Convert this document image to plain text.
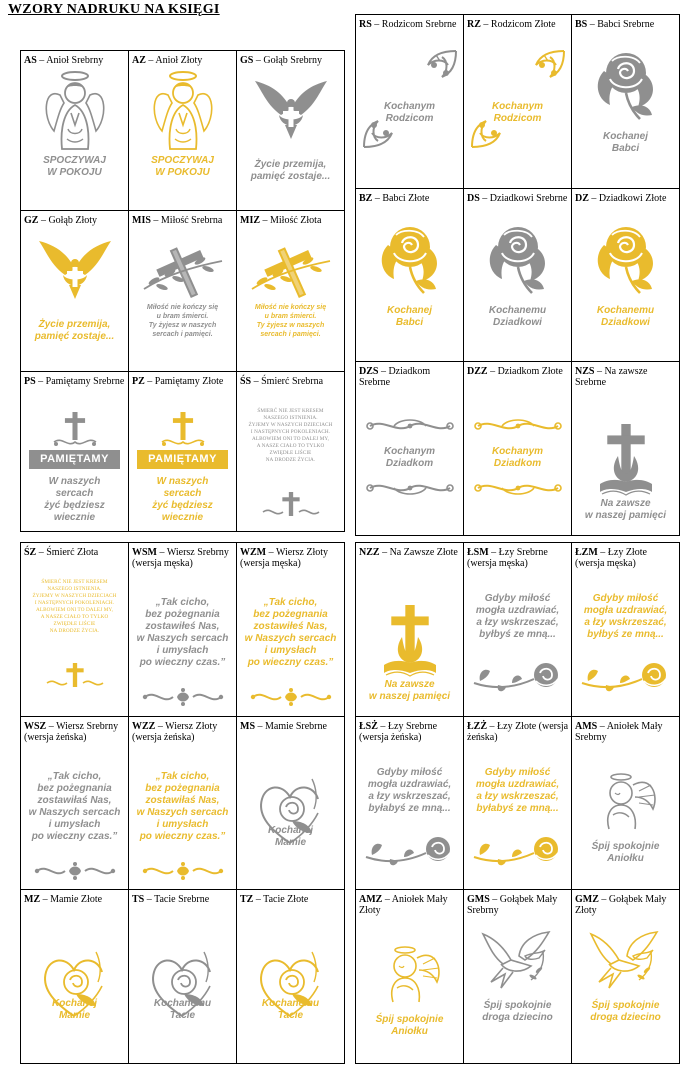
WZORY NADRUKU NA KSIĘGI
AS – Anioł Srebrny
SPOCZYWAJ
W POKOJU
AZ – Anioł Złoty
SPOCZYWAJ
W POKOJU
GS – Gołąb Srebrny
Życie przemija,
pamięć zostaje...
GZ – Gołąb Złoty
Życie przemija,
pamięć zostaje...
MIS – Miłość Srebrna
Miłość nie kończy się
u bram śmierci.
Ty żyjesz w naszych
sercach i pamięci.
MIZ – Miłość Złota
Miłość nie kończy się
u bram śmierci.
Ty żyjesz w naszych
sercach i pamięci.
PS – Pamiętamy Srebrne
PAMIĘTAMY
W naszych
sercach
żyć będziesz
wiecznie
PZ – Pamiętamy Złote
PAMIĘTAMY
W naszych
sercach
żyć będziesz
wiecznie
ŚS – Śmierć Srebrna
ŚMIERĆ NIE JEST KRESEM
NASZEGO ISTNIENIA.
ŻYJEMY W NASZYCH DZIECIACH
I NASTĘPNYCH POKOLENIACH.
ALBOWIEM ONI TO DALEJ MY,
A NASZE CIAŁO TO TYLKO
ZWIĘDŁE LIŚCIE
NA DRODZE ŻYCIA.
RS – Rodzicom Srebrne
Kochanym
Rodzicom
RZ – Rodzicom Złote
Kochanym
Rodzicom
BS – Babci Srebrne
Kochanej
Babci
BZ – Babci Złote
Kochanej
Babci
DS – Dziadkowi Srebrne
Kochanemu
Dziadkowi
DZ – Dziadkowi Złote
Kochanemu
Dziadkowi
DZS – Dziadkom Srebrne
Kochanym
Dziadkom
DZZ – Dziadkom Złote
Kochanym
Dziadkom
NZS – Na zawsze Srebrne
Na zawsze
w naszej pamięci
ŚZ – Śmierć Złota
ŚMIERĆ NIE JEST KRESEM
NASZEGO ISTNIENIA.
ŻYJEMY W NASZYCH DZIECIACH
I NASTĘPNYCH POKOLENIACH.
ALBOWIEM ONI TO DALEJ MY,
A NASZE CIAŁO TO TYLKO
ZWIĘDŁE LIŚCIE
NA DRODZE ŻYCIA.
WSM – Wiersz Srebrny (wersja męska)
„Tak cicho,
bez pożegnania
zostawiłeś Nas,
w Naszych sercach
i umysłach
po wieczny czas.”
WZM – Wiersz Złoty (wersja męska)
„Tak cicho,
bez pożegnania
zostawiłeś Nas,
w Naszych sercach
i umysłach
po wieczny czas.”
WSZ – Wiersz Srebrny (wersja żeńska)
„Tak cicho,
bez pożegnania
zostawiłaś Nas,
w Naszych sercach
i umysłach
po wieczny czas.”
WZZ – Wiersz Złoty (wersja żeńska)
„Tak cicho,
bez pożegnania
zostawiłaś Nas,
w Naszych sercach
i umysłach
po wieczny czas.”
MS – Mamie Srebrne
Kochanej
Mamie
MZ – Mamie Złote
Kochanej
Mamie
TS – Tacie Srebrne
Kochanemu
Tacie
TZ – Tacie Złote
Kochanemu
Tacie
NZZ – Na Zawsze Złote
Na zawsze
w naszej pamięci
ŁSM – Łzy Srebrne (wersja męska)
Gdyby miłość
mogła uzdrawiać,
a łzy wskrzeszać,
byłbyś ze mną...
ŁZM – Łzy Złote (wersja męska)
Gdyby miłość
mogła uzdrawiać,
a łzy wskrzeszać,
byłbyś ze mną...
ŁSŻ – Łzy Srebrne (wersja żeńska)
Gdyby miłość
mogła uzdrawiać,
a łzy wskrzeszać,
byłabyś ze mną...
ŁZŻ – Łzy Złote (wersja żeńska)
Gdyby miłość
mogła uzdrawiać,
a łzy wskrzeszać,
byłabyś ze mną...
AMS – Aniołek Mały Srebrny
Śpij spokojnie
Aniołku
AMZ – Aniołek Mały Złoty
Śpij spokojnie
Aniołku
GMS – Gołąbek Mały Srebrny
Śpij spokojnie
droga dziecino
GMZ – Gołąbek Mały Złoty
Śpij spokojnie
droga dziecino
